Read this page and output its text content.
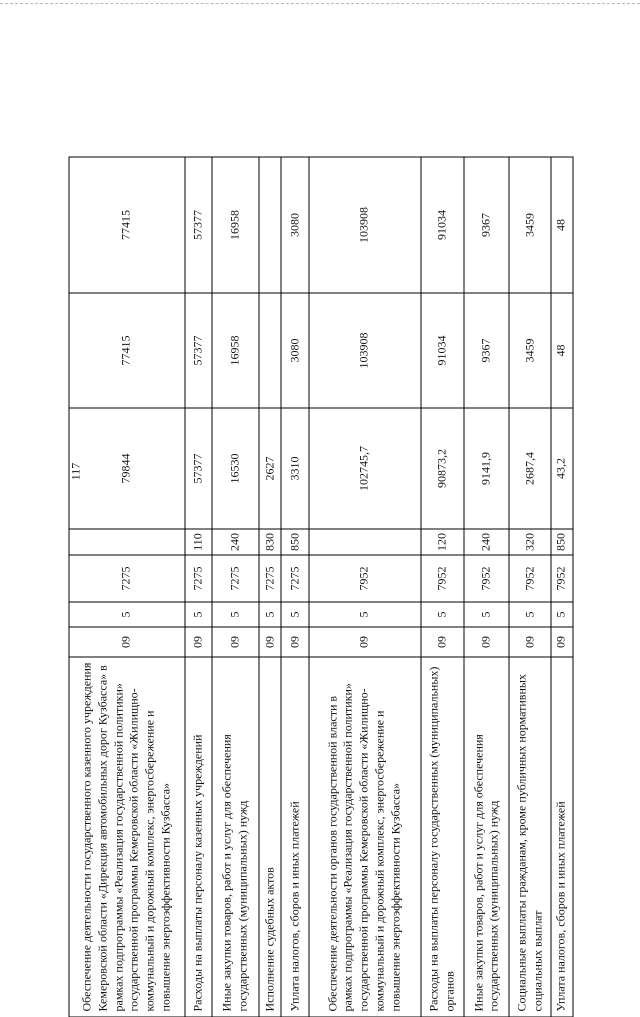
117
Обеспечение деятельности государственного казенного учреждения Кемеровской области «Дирекция автомобильных дорог Кузбасса» в рамках подпрограммы «Реализация государственной политики» государственной программы Кемеровской области «Жилищно-коммунальный и дорожный комплекс, энергосбережение и повышение энергоэффективности Кузбасса»	09	5	7275		79844	77415	77415
Расходы на выплаты персоналу казенных учреждений	09	5	7275	110	57377	57377	57377
Иные закупки товаров, работ и услуг для обеспечения государственных (муниципальных) нужд	09	5	7275	240	16530	16958	16958
Исполнение судебных актов	09	5	7275	830	2627		
Уплата налогов, сборов и иных платежей	09	5	7275	850	3310	3080	3080
Обеспечение деятельности органов государственной власти в рамках подпрограммы «Реализация государственной политики» государственной программы Кемеровской области «Жилищно-коммунальный и дорожный комплекс, энергосбережение и повышение энергоэффективности Кузбасса»	09	5	7952		102745,7	103908	103908
Расходы на выплаты персоналу государственных (муниципальных) органов	09	5	7952	120	90873,2	91034	91034
Иные закупки товаров, работ и услуг для обеспечения государственных (муниципальных) нужд	09	5	7952	240	9141,9	9367	9367
Социальные выплаты гражданам, кроме публичных нормативных социальных выплат	09	5	7952	320	2687,4	3459	3459
Уплата налогов, сборов и иных платежей	09	5	7952	850	43,2	48	48
